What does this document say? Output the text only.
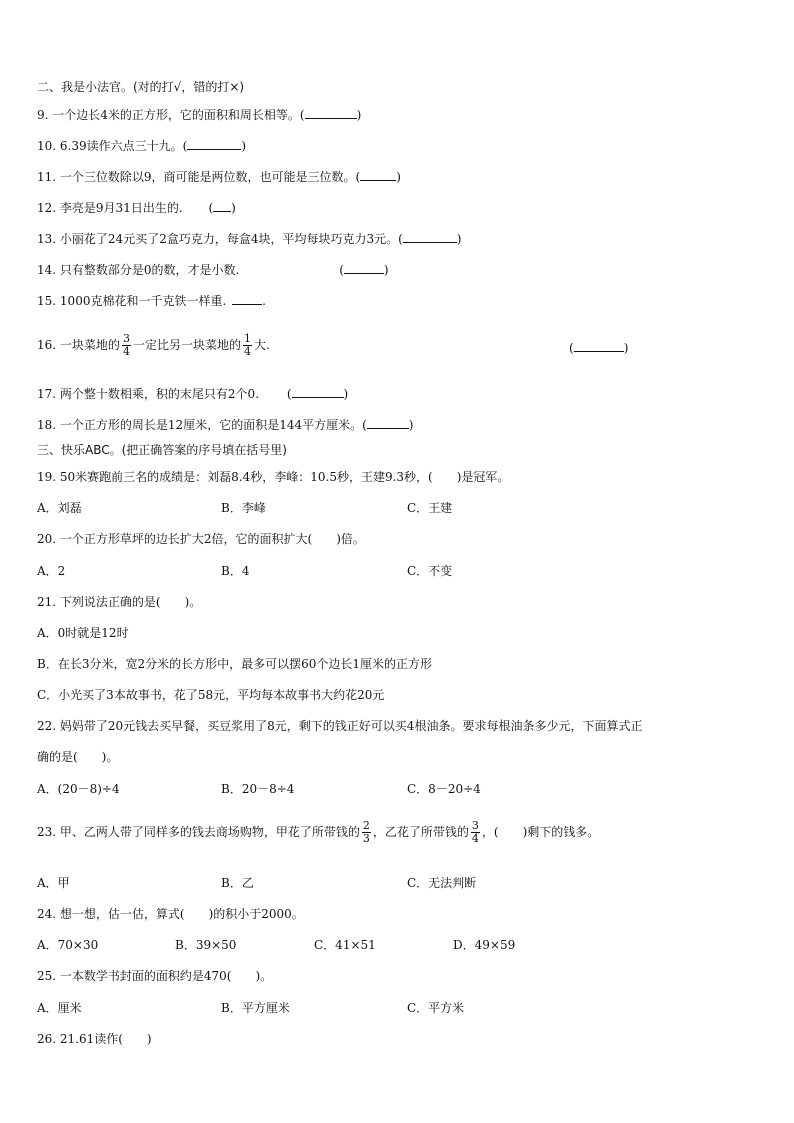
二、我是小法官。(对的打√，错的打×)
9. 一个边长4米的正方形，它的面积和周长相等。(	)
10. 6.39读作六点三十九。(	)
11. 一个三位数除以9，商可能是两位数，也可能是三位数。(	)
12. 李亮是9月31日出生的. ( )
13. 小丽花了24元买了2盒巧克力，每盒4块，平均每块巧克力3元。(	)
14. 只有整数部分是0的数，才是小数.	(	)
15. 1000克棉花和一千克铁一样重.	.
16. 一块菜地的 $\frac{3}{4}$ 一定比另一块菜地的 $\frac{1}{4}$ 大.	(	)
17. 两个整十数相乘，积的末尾只有2个0. (	)
18. 一个正方形的周长是12厘米，它的面积是144平方厘米。(	)
三、快乐ABC。(把正确答案的序号填在括号里)
19. 50米赛跑前三名的成绩是：刘磊8.4秒，李峰：10.5秒，王建9.3秒，(　　)是冠军。
A．刘磊	B．李峰	C．王建
20. 一个正方形草坪的边长扩大2倍，它的面积扩大(　　)倍。
A．2	B．4	C．不变
21. 下列说法正确的是(　　)。
A．0时就是12时
B．在长3分米，宽2分米的长方形中，最多可以摆60个边长1厘米的正方形
C．小光买了3本故事书，花了58元，平均每本故事书大约花20元
22. 妈妈带了20元钱去买早餐，买豆浆用了8元，剩下的钱正好可以买4根油条。要求每根油条多少元，下面算式正
确的是(　　)。
A．(20－8)÷4	B．20－8÷4	C．8－20÷4
23. 甲、乙两人带了同样多的钱去商场购物，甲花了所带钱的 $\frac{2}{3}$ ，乙花了所带钱的 $\frac{3}{4}$ ，(　　)剩下的钱多。
A．甲	B．乙	C．无法判断
24. 想一想，估一估，算式(　　)的积小于2000。
A．70×30	B．39×50	C．41×51	D．49×59
25. 一本数学书封面的面积约是470(　　)。
A．厘米	B．平方厘米	C．平方米
26. 21.61读作(　　)
